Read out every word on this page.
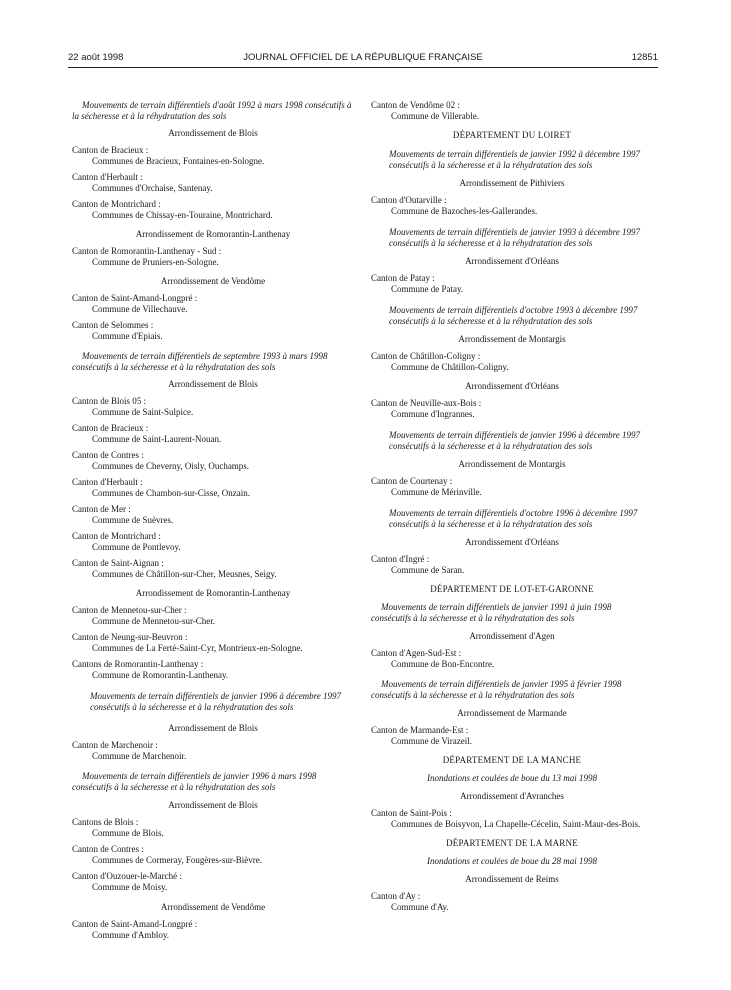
22 août 1998	JOURNAL OFFICIEL DE LA RÉPUBLIQUE FRANÇAISE	12851
Mouvements de terrain différentiels d'août 1992 à mars 1998 consécutifs à la sécheresse et à la réhydratation des sols
Arrondissement de Blois
Canton de Bracieux :
Communes de Bracieux, Fontaines-en-Sologne.
Canton d'Herbault :
Communes d'Orchaise, Santenay.
Canton de Montrichard :
Communes de Chissay-en-Touraine, Montrichard.
Arrondissement de Romorantin-Lanthenay
Canton de Romorantin-Lanthenay - Sud :
Commune de Pruniers-en-Sologne.
Arrondissement de Vendôme
Canton de Saint-Amand-Longpré :
Commune de Villechauve.
Canton de Selommes :
Commune d'Epiais.
Mouvements de terrain différentiels de septembre 1993 à mars 1998 consécutifs à la sécheresse et à la réhydratation des sols
Arrondissement de Blois
Canton de Blois 05 :
Commune de Saint-Sulpice.
Canton de Bracieux :
Commune de Saint-Laurent-Nouan.
Canton de Contres :
Communes de Cheverny, Oisly, Ouchamps.
Canton d'Herbault :
Communes de Chambon-sur-Cisse, Onzain.
Canton de Mer :
Commune de Suèvres.
Canton de Montrichard :
Commune de Pontlevoy.
Canton de Saint-Aignan :
Communes de Châtillon-sur-Cher, Meusnes, Seigy.
Arrondissement de Romorantin-Lanthenay
Canton de Mennetou-sur-Cher :
Commune de Mennetou-sur-Cher.
Canton de Neung-sur-Beuvron :
Communes de La Ferté-Saint-Cyr, Montrieux-en-Sologne.
Cantons de Romorantin-Lanthenay :
Commune de Romorantin-Lanthenay.
Mouvements de terrain différentiels de janvier 1996 à décembre 1997 consécutifs à la sécheresse et à la réhydratation des sols
Arrondissement de Blois
Canton de Marchenoir :
Commune de Marchenoir.
Mouvements de terrain différentiels de janvier 1996 à mars 1998 consécutifs à la sécheresse et à la réhydratation des sols
Arrondissement de Blois
Cantons de Blois :
Commune de Blois.
Canton de Contres :
Communes de Cormeray, Fougères-sur-Bièvre.
Canton d'Ouzouer-le-Marché :
Commune de Moisy.
Arrondissement de Vendôme
Canton de Saint-Amand-Longpré :
Commune d'Ambloy.
Canton de Vendôme 02 :
Commune de Villerable.
DÉPARTEMENT DU LOIRET
Mouvements de terrain différentiels de janvier 1992 à décembre 1997 consécutifs à la sécheresse et à la réhydratation des sols
Arrondissement de Pithiviers
Canton d'Outarville :
Commune de Bazoches-les-Gallerandes.
Mouvements de terrain différentiels de janvier 1993 à décembre 1997 consécutifs à la sécheresse et à la réhydratation des sols
Arrondissement d'Orléans
Canton de Patay :
Commune de Patay.
Mouvements de terrain différentiels d'octobre 1993 à décembre 1997 consécutifs à la sécheresse et à la réhydratation des sols
Arrondissement de Montargis
Canton de Châtillon-Coligny :
Commune de Châtillon-Coligny.
Arrondissement d'Orléans
Canton de Neuville-aux-Bois :
Commune d'Ingrannes.
Mouvements de terrain différentiels de janvier 1996 à décembre 1997 consécutifs à la sécheresse et à la réhydratation des sols
Arrondissement de Montargis
Canton de Courtenay :
Commune de Mérinville.
Mouvements de terrain différentiels d'octobre 1996 à décembre 1997 consécutifs à la sécheresse et à la réhydratation des sols
Arrondissement d'Orléans
Canton d'Ingré :
Commune de Saran.
DÉPARTEMENT DE LOT-ET-GARONNE
Mouvements de terrain différentiels de janvier 1991 à juin 1998 consécutifs à la sécheresse et à la réhydratation des sols
Arrondissement d'Agen
Canton d'Agen-Sud-Est :
Commune de Bon-Encontre.
Mouvements de terrain différentiels de janvier 1995 à février 1998 consécutifs à la sécheresse et à la réhydratation des sols
Arrondissement de Marmande
Canton de Marmande-Est :
Commune de Virazeil.
DÉPARTEMENT DE LA MANCHE
Inondations et coulées de boue du 13 mai 1998
Arrondissement d'Avranches
Canton de Saint-Pois :
Communes de Boisyvon, La Chapelle-Cécelin, Saint-Maur-des-Bois.
DÉPARTEMENT DE LA MARNE
Inondations et coulées de boue du 28 mai 1998
Arrondissement de Reims
Canton d'Ay :
Commune d'Ay.
